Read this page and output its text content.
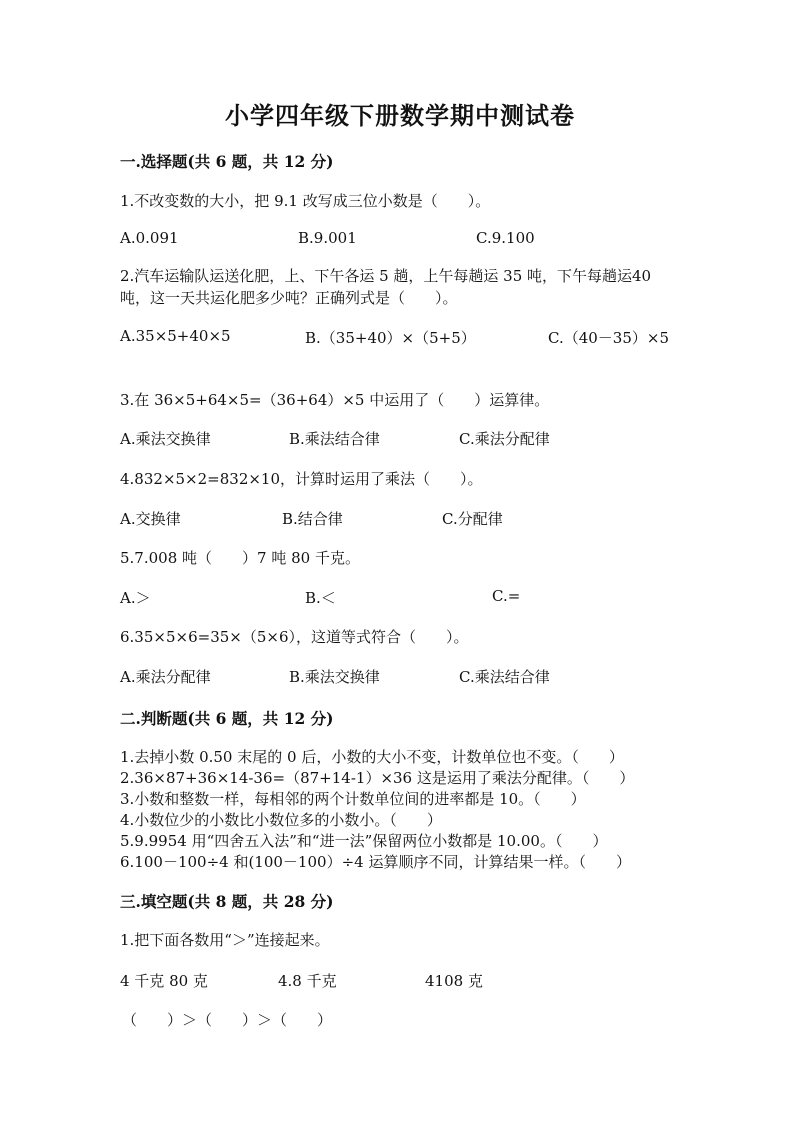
小学四年级下册数学期中测试卷
一.选择题(共 6 题，共 12 分)
1.不改变数的大小，把 9.1 改写成三位小数是（　　）。
A.0.091	B.9.001	C.9.100
2.汽车运输队运送化肥，上、下午各运 5 趟，上午每趟运 35 吨，下午每趟运40 吨，这一天共运化肥多少吨？正确列式是（　　）。
A.35×5+40×5	B.（35+40）×（5+5）	C.（40－35）×5
3.在 36×5+64×5=（36+64）×5 中运用了（　　）运算律。
A.乘法交换律	B.乘法结合律	C.乘法分配律
4.832×5×2=832×10，计算时运用了乘法（　　）。
A.交换律	B.结合律	C.分配律
5.7.008 吨（　　）7 吨 80 千克。
A.＞	B.＜	C.=
6.35×5×6=35×（5×6），这道等式符合（　　）。
A.乘法分配律	B.乘法交换律	C.乘法结合律
二.判断题(共 6 题，共 12 分)
1.去掉小数 0.50 末尾的 0 后，小数的大小不变，计数单位也不变。（　　）
2.36×87+36×14-36=（87+14-1）×36 这是运用了乘法分配律。（　　）
3.小数和整数一样，每相邻的两个计数单位间的进率都是 10。（　　）
4.小数位少的小数比小数位多的小数小。（　　）
5.9.9954 用“四舍五入法”和“进一法”保留两位小数都是 10.00。（　　）
6.100－100÷4 和(100－100）÷4 运算顺序不同，计算结果一样。（　　）
三.填空题(共 8 题，共 28 分)
1.把下面各数用“＞”连接起来。
4 千克 80 克	4.8 千克	4108 克
（　　）＞（　　）＞（　　）
